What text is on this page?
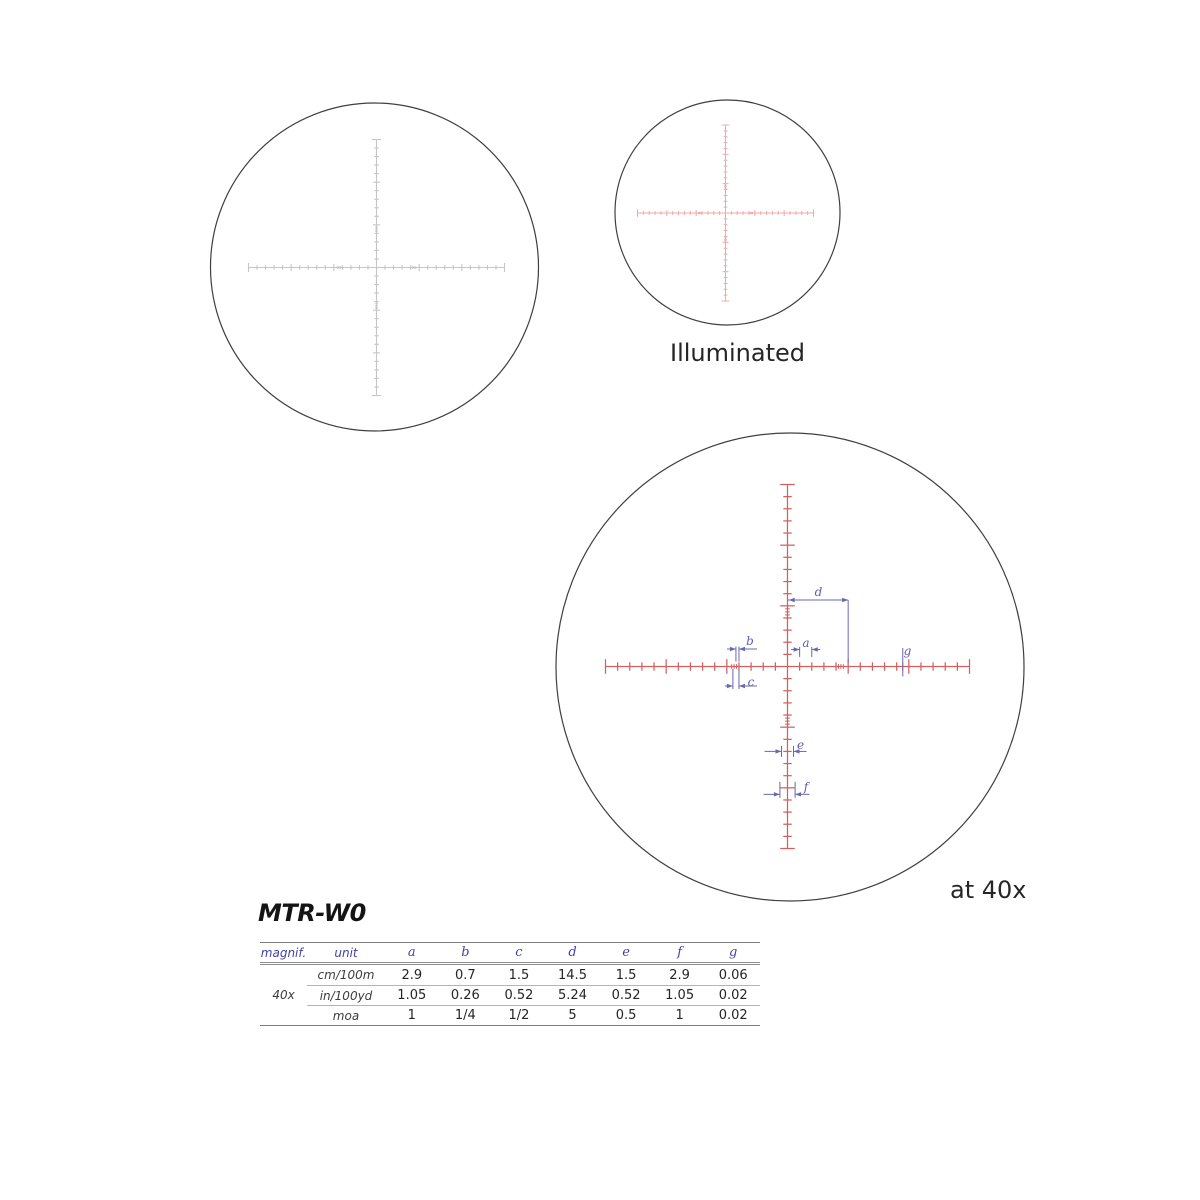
Illuminated
at 40x
MTR-W0
a
b
c
d
e
f
g
magnif.	unit	a	b	c	d	e	f	g
40x
cm/100m	2.9	0.7	1.5	14.5	1.5	2.9	0.06
in/100yd	1.05	0.26	0.52	5.24	0.52	1.05	0.02
moa	1	1/4	1/2	5	0.5	1	0.02
